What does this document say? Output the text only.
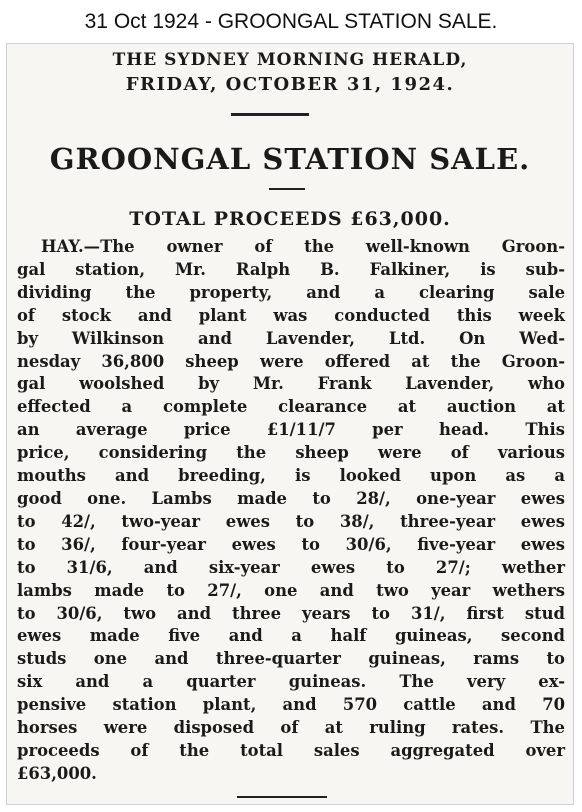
31 Oct 1924 - GROONGAL STATION SALE.
THE SYDNEY MORNING HERALD,
FRIDAY, OCTOBER 31, 1924.
GROONGAL STATION SALE.
TOTAL PROCEEDS £63,000.
HAY.—The owner of the well-known Groon-
gal station, Mr. Ralph B. Falkiner, is sub-
dividing the property, and a clearing sale
of stock and plant was conducted this week
by Wilkinson and Lavender, Ltd. On Wed-
nesday 36,800 sheep were offered at the Groon-
gal woolshed by Mr. Frank Lavender, who
effected a complete clearance at auction at
an average price £1/11/7 per head. This
price, considering the sheep were of various
mouths and breeding, is looked upon as a
good one. Lambs made to 28/, one-year ewes
to 42/, two-year ewes to 38/, three-year ewes
to 36/, four-year ewes to 30/6, five-year ewes
to 31/6, and six-year ewes to 27/; wether
lambs made to 27/, one and two year wethers
to 30/6, two and three years to 31/, first stud
ewes made five and a half guineas, second
studs one and three-quarter guineas, rams to
six and a quarter guineas. The very ex-
pensive station plant, and 570 cattle and 70
horses were disposed of at ruling rates. The
proceeds of the total sales aggregated over
£63,000.
